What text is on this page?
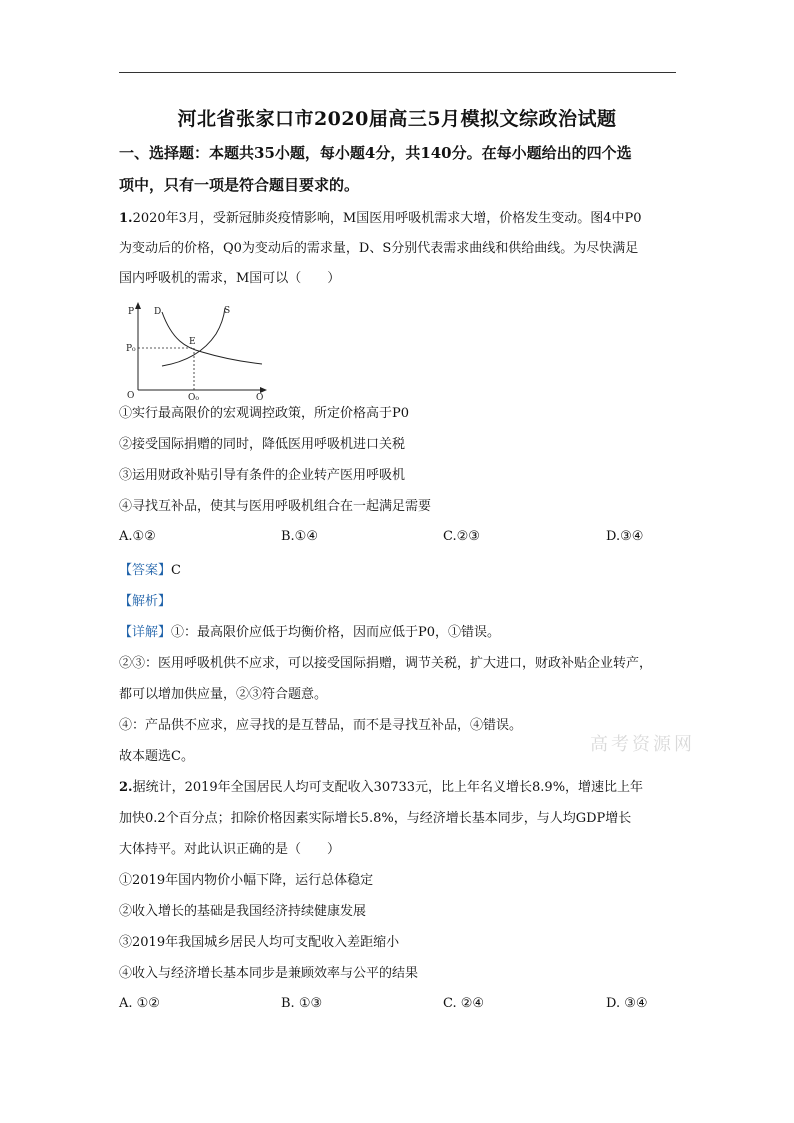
河北省张家口市2020届高三5月模拟文综政治试题
一、选择题：本题共35小题，每小题4分，共140分。在每小题给出的四个选
项中，只有一项是符合题目要求的。
1.2020年3月，受新冠肺炎疫情影响，M国医用呼吸机需求大增，价格发生变动。图4中P0
为变动后的价格，Q0为变动后的需求量，D、S分别代表需求曲线和供给曲线。为尽快满足
国内呼吸机的需求，M国可以（　　）
P D	S
P₀
E
O	Q₀	Q
①实行最高限价的宏观调控政策，所定价格高于P0
②接受国际捐赠的同时，降低医用呼吸机进口关税
③运用财政补贴引导有条件的企业转产医用呼吸机
④寻找互补品，使其与医用呼吸机组合在一起满足需要
A.①②	B.①④	C.②③	D.③④
【答案】C
【解析】
【详解】①：最高限价应低于均衡价格，因而应低于P0，①错误。
②③：医用呼吸机供不应求，可以接受国际捐赠，调节关税，扩大进口，财政补贴企业转产，
都可以增加供应量，②③符合题意。
④：产品供不应求，应寻找的是互替品，而不是寻找互补品，④错误。
故本题选C。
高考资源网
2.据统计，2019年全国居民人均可支配收入30733元，比上年名义增长8.9%，增速比上年
加快0.2个百分点；扣除价格因素实际增长5.8%，与经济增长基本同步，与人均GDP增长
大体持平。对此认识正确的是（　　）
①2019年国内物价小幅下降，运行总体稳定
②收入增长的基础是我国经济持续健康发展
③2019年我国城乡居民人均可支配收入差距缩小
④收入与经济增长基本同步是兼顾效率与公平的结果
A. ①②	B. ①③	C. ②④	D. ③④
